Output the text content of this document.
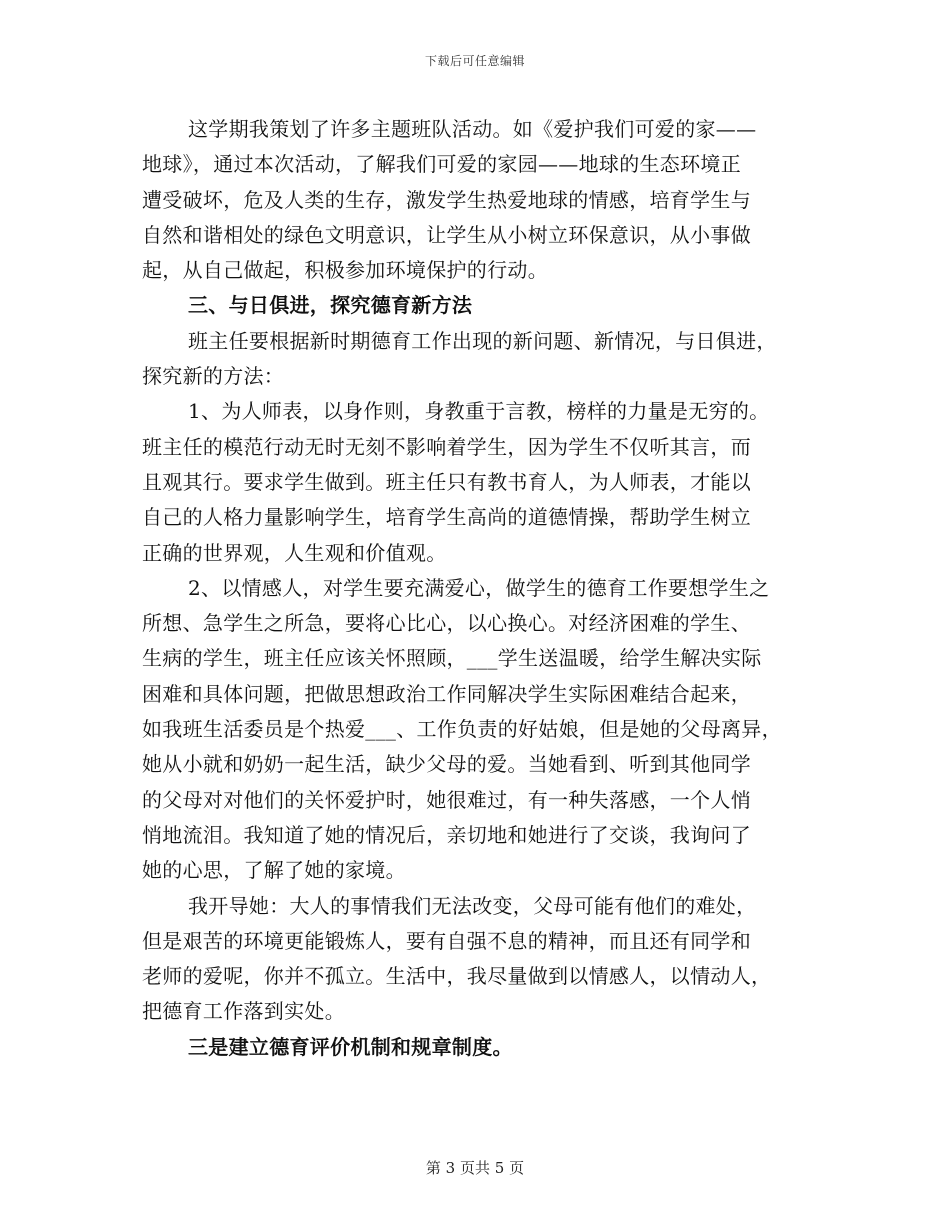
下载后可任意编辑
这学期我策划了许多主题班队活动。如《爱护我们可爱的家——
地球》，通过本次活动，了解我们可爱的家园——地球的生态环境正
遭受破坏，危及人类的生存，激发学生热爱地球的情感，培育学生与
自然和谐相处的绿色文明意识，让学生从小树立环保意识，从小事做
起，从自己做起，积极参加环境保护的行动。
三、与日俱进，探究德育新方法
班主任要根据新时期德育工作出现的新问题、新情况，与日俱进，
探究新的方法：
1、为人师表，以身作则，身教重于言教，榜样的力量是无穷的。
班主任的模范行动无时无刻不影响着学生，因为学生不仅听其言，而
且观其行。要求学生做到。班主任只有教书育人，为人师表，才能以
自己的人格力量影响学生，培育学生高尚的道德情操，帮助学生树立
正确的世界观，人生观和价值观。
2、以情感人，对学生要充满爱心，做学生的德育工作要想学生之
所想、急学生之所急，要将心比心，以心换心。对经济困难的学生、
生病的学生，班主任应该关怀照顾，___学生送温暖，给学生解决实际
困难和具体问题，把做思想政治工作同解决学生实际困难结合起来，
如我班生活委员是个热爱___、工作负责的好姑娘，但是她的父母离异，
她从小就和奶奶一起生活，缺少父母的爱。当她看到、听到其他同学
的父母对对他们的关怀爱护时，她很难过，有一种失落感，一个人悄
悄地流泪。我知道了她的情况后，亲切地和她进行了交谈，我询问了
她的心思，了解了她的家境。
我开导她：大人的事情我们无法改变，父母可能有他们的难处，
但是艰苦的环境更能锻炼人，要有自强不息的精神，而且还有同学和
老师的爱呢，你并不孤立。生活中，我尽量做到以情感人，以情动人，
把德育工作落到实处。
三是建立德育评价机制和规章制度。
第 3 页共 5 页
